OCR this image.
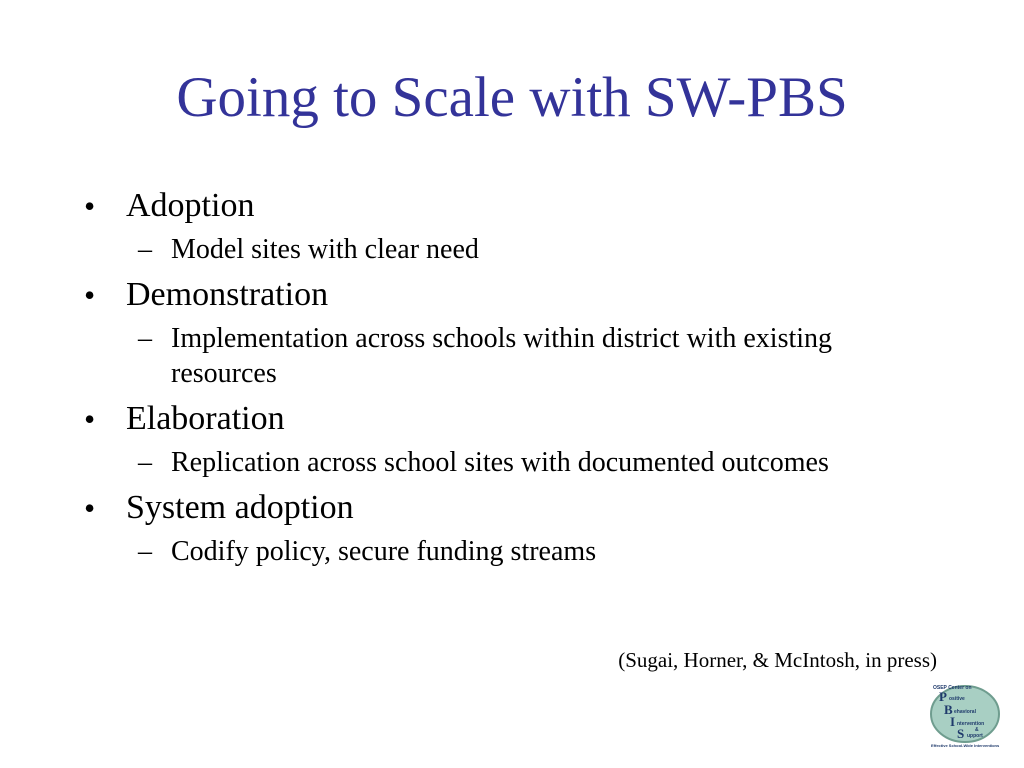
Going to Scale with SW-PBS
• Adoption
– Model sites with clear need
• Demonstration
– Implementation across schools within district with existing resources
• Elaboration
– Replication across school sites with documented outcomes
• System adoption
– Codify policy, secure funding streams
(Sugai, Horner, & McIntosh, in press)
OSEP Center on
P ositive
B ehavioral
I ntervention
&
S upport
Effective School-Wide Interventions
